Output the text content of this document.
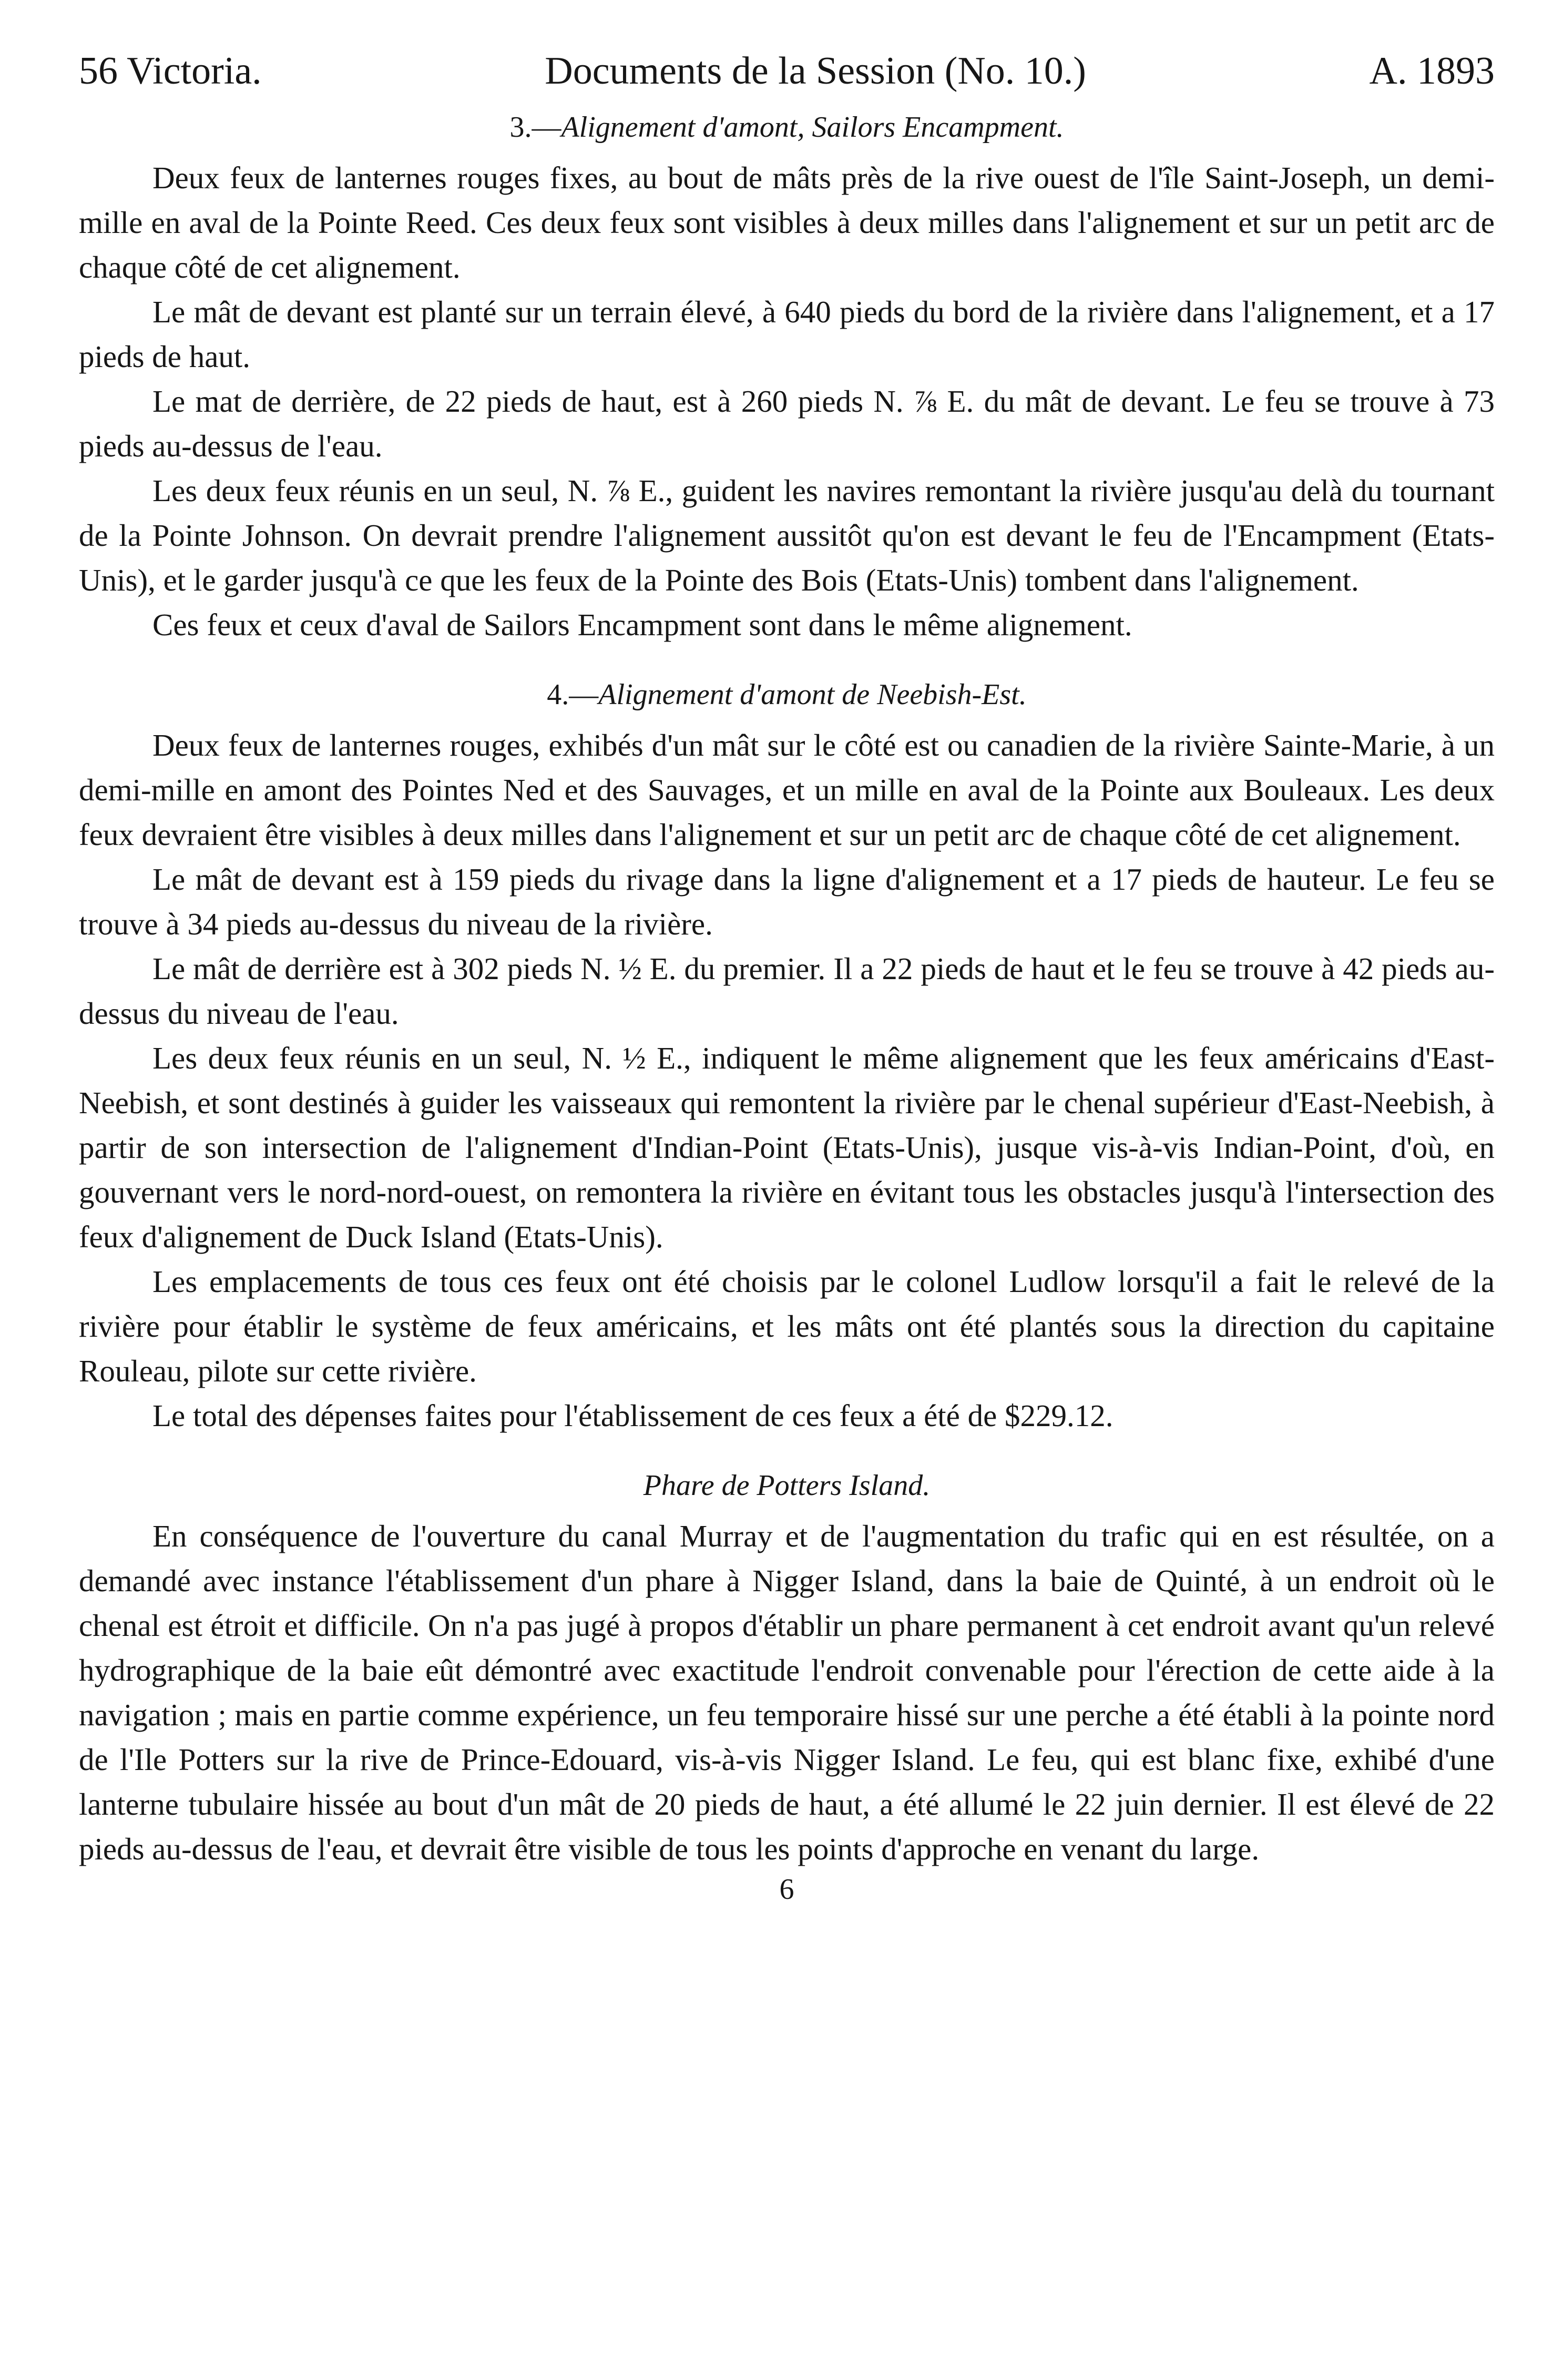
56 Victoria.	Documents de la Session (No. 10.)	A. 1893
3.—Alignement d'amont, Sailors Encampment.

Deux feux de lanternes rouges fixes, au bout de mâts près de la rive ouest de l'île Saint-Joseph, un demi-mille en aval de la Pointe Reed. Ces deux feux sont visibles à deux milles dans l'alignement et sur un petit arc de chaque côté de cet alignement.

Le mât de devant est planté sur un terrain élevé, à 640 pieds du bord de la rivière dans l'alignement, et a 17 pieds de haut.

Le mat de derrière, de 22 pieds de haut, est à 260 pieds N. ⅞ E. du mât de devant. Le feu se trouve à 73 pieds au-dessus de l'eau.

Les deux feux réunis en un seul, N. ⅞ E., guident les navires remontant la rivière jusqu'au delà du tournant de la Pointe Johnson. On devrait prendre l'alignement aussitôt qu'on est devant le feu de l'Encampment (Etats-Unis), et le garder jusqu'à ce que les feux de la Pointe des Bois (Etats-Unis) tombent dans l'alignement.

Ces feux et ceux d'aval de Sailors Encampment sont dans le même alignement.

4.—Alignement d'amont de Neebish-Est.

Deux feux de lanternes rouges, exhibés d'un mât sur le côté est ou canadien de la rivière Sainte-Marie, à un demi-mille en amont des Pointes Ned et des Sauvages, et un mille en aval de la Pointe aux Bouleaux. Les deux feux devraient être visibles à deux milles dans l'alignement et sur un petit arc de chaque côté de cet alignement.

Le mât de devant est à 159 pieds du rivage dans la ligne d'alignement et a 17 pieds de hauteur. Le feu se trouve à 34 pieds au-dessus du niveau de la rivière.

Le mât de derrière est à 302 pieds N. ½ E. du premier. Il a 22 pieds de haut et le feu se trouve à 42 pieds au-dessus du niveau de l'eau.

Les deux feux réunis en un seul, N. ½ E., indiquent le même alignement que les feux américains d'East-Neebish, et sont destinés à guider les vaisseaux qui remontent la rivière par le chenal supérieur d'East-Neebish, à partir de son intersection de l'alignement d'Indian-Point (Etats-Unis), jusque vis-à-vis Indian-Point, d'où, en gouvernant vers le nord-nord-ouest, on remontera la rivière en évitant tous les obstacles jusqu'à l'intersection des feux d'alignement de Duck Island (Etats-Unis).

Les emplacements de tous ces feux ont été choisis par le colonel Ludlow lorsqu'il a fait le relevé de la rivière pour établir le système de feux américains, et les mâts ont été plantés sous la direction du capitaine Rouleau, pilote sur cette rivière.

Le total des dépenses faites pour l'établissement de ces feux a été de $229.12.

Phare de Potters Island.

En conséquence de l'ouverture du canal Murray et de l'augmentation du trafic qui en est résultée, on a demandé avec instance l'établissement d'un phare à Nigger Island, dans la baie de Quinté, à un endroit où le chenal est étroit et difficile. On n'a pas jugé à propos d'établir un phare permanent à cet endroit avant qu'un relevé hydrographique de la baie eût démontré avec exactitude l'endroit convenable pour l'érection de cette aide à la navigation ; mais en partie comme expérience, un feu temporaire hissé sur une perche a été établi à la pointe nord de l'Ile Potters sur la rive de Prince-Edouard, vis-à-vis Nigger Island. Le feu, qui est blanc fixe, exhibé d'une lanterne tubulaire hissée au bout d'un mât de 20 pieds de haut, a été allumé le 22 juin dernier. Il est élevé de 22 pieds au-dessus de l'eau, et devrait être visible de tous les points d'approche en venant du large.

6
